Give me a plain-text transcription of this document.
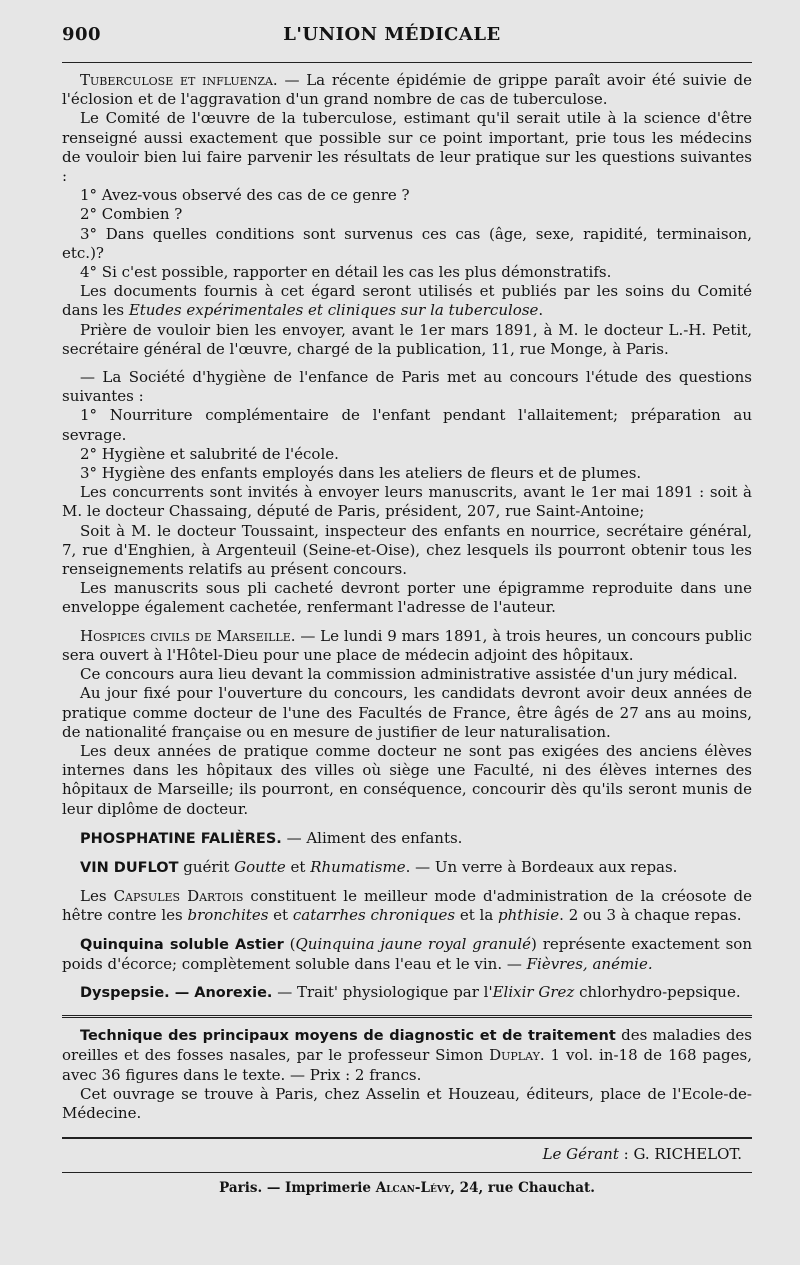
900	L'UNION MÉDICALE

Tuberculose et influenza. — La récente épidémie de grippe paraît avoir été suivie de l'éclosion et de l'aggravation d'un grand nombre de cas de tuberculose.

Le Comité de l'œuvre de la tuberculose, estimant qu'il serait utile à la science d'être renseigné aussi exactement que possible sur ce point important, prie tous les médecins de vouloir bien lui faire parvenir les résultats de leur pratique sur les questions suivantes :

1° Avez-vous observé des cas de ce genre ?

2° Combien ?

3° Dans quelles conditions sont survenus ces cas (âge, sexe, rapidité, terminaison, etc.)?

4° Si c'est possible, rapporter en détail les cas les plus démonstratifs.

Les documents fournis à cet égard seront utilisés et publiés par les soins du Comité dans les Etudes expérimentales et cliniques sur la tuberculose.

Prière de vouloir bien les envoyer, avant le 1er mars 1891, à M. le docteur L.-H. Petit, secrétaire général de l'œuvre, chargé de la publication, 11, rue Monge, à Paris.

— La Société d'hygiène de l'enfance de Paris met au concours l'étude des questions suivantes :

1° Nourriture complémentaire de l'enfant pendant l'allaitement; préparation au sevrage.

2° Hygiène et salubrité de l'école.

3° Hygiène des enfants employés dans les ateliers de fleurs et de plumes.

Les concurrents sont invités à envoyer leurs manuscrits, avant le 1er mai 1891 : soit à M. le docteur Chassaing, député de Paris, président, 207, rue Saint-Antoine;

Soit à M. le docteur Toussaint, inspecteur des enfants en nourrice, secrétaire général, 7, rue d'Enghien, à Argenteuil (Seine-et-Oise), chez lesquels ils pourront obtenir tous les renseignements relatifs au présent concours.

Les manuscrits sous pli cacheté devront porter une épigramme reproduite dans une enveloppe également cachetée, renfermant l'adresse de l'auteur.

Hospices civils de Marseille. — Le lundi 9 mars 1891, à trois heures, un concours public sera ouvert à l'Hôtel-Dieu pour une place de médecin adjoint des hôpitaux.

Ce concours aura lieu devant la commission administrative assistée d'un jury médical.

Au jour fixé pour l'ouverture du concours, les candidats devront avoir deux années de pratique comme docteur de l'une des Facultés de France, être âgés de 27 ans au moins, de nationalité française ou en mesure de justifier de leur naturalisation.

Les deux années de pratique comme docteur ne sont pas exigées des anciens élèves internes dans les hôpitaux des villes où siège une Faculté, ni des élèves internes des hôpitaux de Marseille; ils pourront, en conséquence, concourir dès qu'ils seront munis de leur diplôme de docteur.

PHOSPHATINE FALIÈRES. — Aliment des enfants.

VIN DUFLOT guérit Goutte et Rhumatisme. — Un verre à Bordeaux aux repas.

Les Capsules Dartois constituent le meilleur mode d'administration de la créosote de hêtre contre les bronchites et catarrhes chroniques et la phthisie. 2 ou 3 à chaque repas.

Quinquina soluble Astier (Quinquina jaune royal granulé) représente exactement son poids d'écorce; complètement soluble dans l'eau et le vin. — Fièvres, anémie.

Dyspepsie. — Anorexie. — Trait' physiologique par l'Elixir Grez chlorhydro-pepsique.

Technique des principaux moyens de diagnostic et de traitement des maladies des oreilles et des fosses nasales, par le professeur Simon Duplay. 1 vol. in-18 de 168 pages, avec 36 figures dans le texte. — Prix : 2 francs.

Cet ouvrage se trouve à Paris, chez Asselin et Houzeau, éditeurs, place de l'Ecole-de-Médecine.

Le Gérant : G. RICHELOT.

Paris. — Imprimerie Alcan-Lévy, 24, rue Chauchat.
